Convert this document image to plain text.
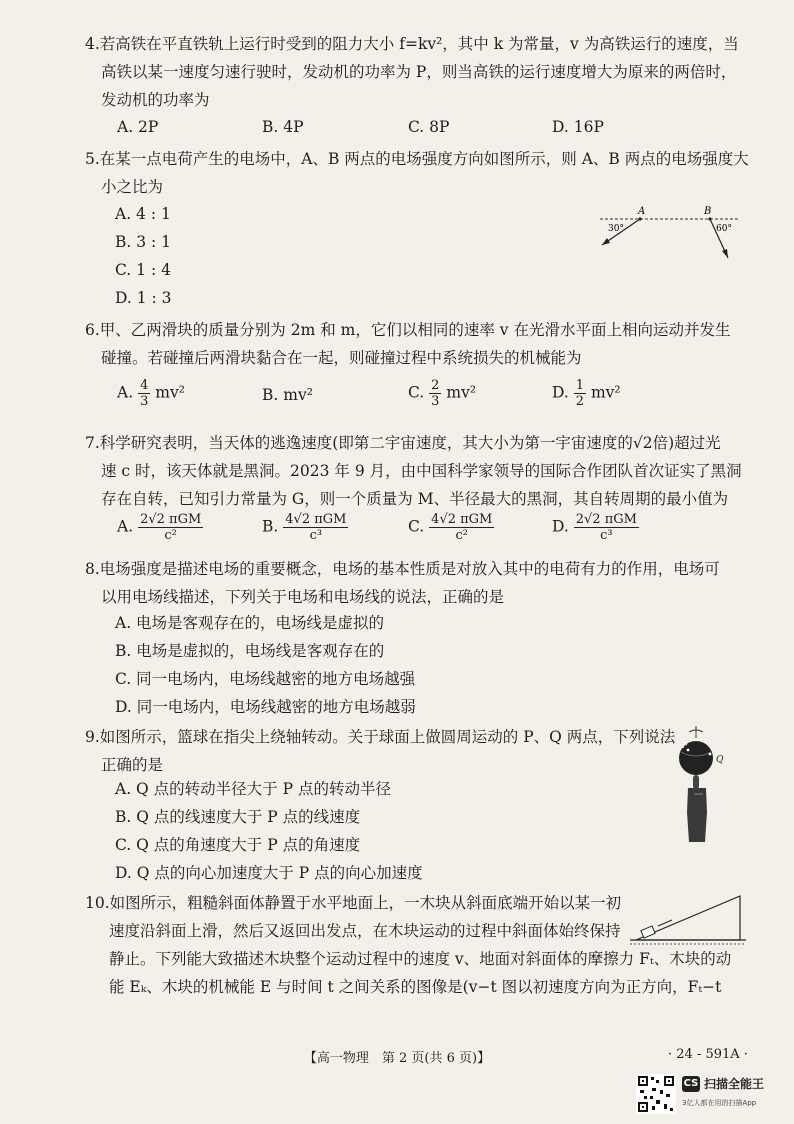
4.若高铁在平直铁轨上运行时受到的阻力大小 f=kv²，其中 k 为常量，v 为高铁运行的速度，当
高铁以某一速度匀速行驶时，发动机的功率为 P，则当高铁的运行速度增大为原来的两倍时，
发动机的功率为
A. 2P	B. 4P	C. 8P	D. 16P
5.在某一点电荷产生的电场中，A、B 两点的电场强度方向如图所示，则 A、B 两点的电场强度大
小之比为
A. 4 : 1
B. 3 : 1
C. 1 : 4
D. 1 : 3
A	B
30°	60°
6.甲、乙两滑块的质量分别为 2m 和 m，它们以相同的速率 v 在光滑水平面上相向运动并发生
碰撞。若碰撞后两滑块黏合在一起，则碰撞过程中系统损失的机械能为
A. $\frac{4}{3} mv^2$	B. mv²	C. $\frac{2}{3} mv^2$	D. $\frac{1}{2} mv^2$
7.科学研究表明，当天体的逃逸速度(即第二宇宙速度，其大小为第一宇宙速度的√2倍)超过光
速 c 时，该天体就是黑洞。2023 年 9 月，由中国科学家领导的国际合作团队首次证实了黑洞
存在自转，已知引力常量为 G，则一个质量为 M、半径最大的黑洞，其自转周期的最小值为
A. $\frac{\text{2√2 πGM}}{\text{c²}}$	B. $\frac{\text{4√2 πGM}}{\text{c³}}$	C. $\frac{\text{4√2 πGM}}{\text{c²}}$	D. $\frac{\text{2√2 πGM}}{\text{c³}}$
8.电场强度是描述电场的重要概念，电场的基本性质是对放入其中的电荷有力的作用，电场可
以用电场线描述，下列关于电场和电场线的说法，正确的是
A. 电场是客观存在的，电场线是虚拟的
B. 电场是虚拟的，电场线是客观存在的
C. 同一电场内，电场线越密的地方电场越强
D. 同一电场内，电场线越密的地方电场越弱
9.如图所示，篮球在指尖上绕轴转动。关于球面上做圆周运动的 P、Q 两点，下列说法
正确的是
A. Q 点的转动半径大于 P 点的转动半径
B. Q 点的线速度大于 P 点的线速度
C. Q 点的角速度大于 P 点的角速度
D. Q 点的向心加速度大于 P 点的向心加速度
P
Q
10.如图所示，粗糙斜面体静置于水平地面上，一木块从斜面底端开始以某一初
速度沿斜面上滑，然后又返回出发点，在木块运动的过程中斜面体始终保持
静止。下列能大致描述木块整个运动过程中的速度 v、地面对斜面体的摩擦力 Fₜ、木块的动
能 Eₖ、木块的机械能 E 与时间 t 之间关系的图像是(v−t 图以初速度方向为正方向，Fₜ−t
【高一物理　第 2 页(共 6 页)】	· 24 - 591A ·
CS 扫描全能王
3亿人都在用的扫描App
